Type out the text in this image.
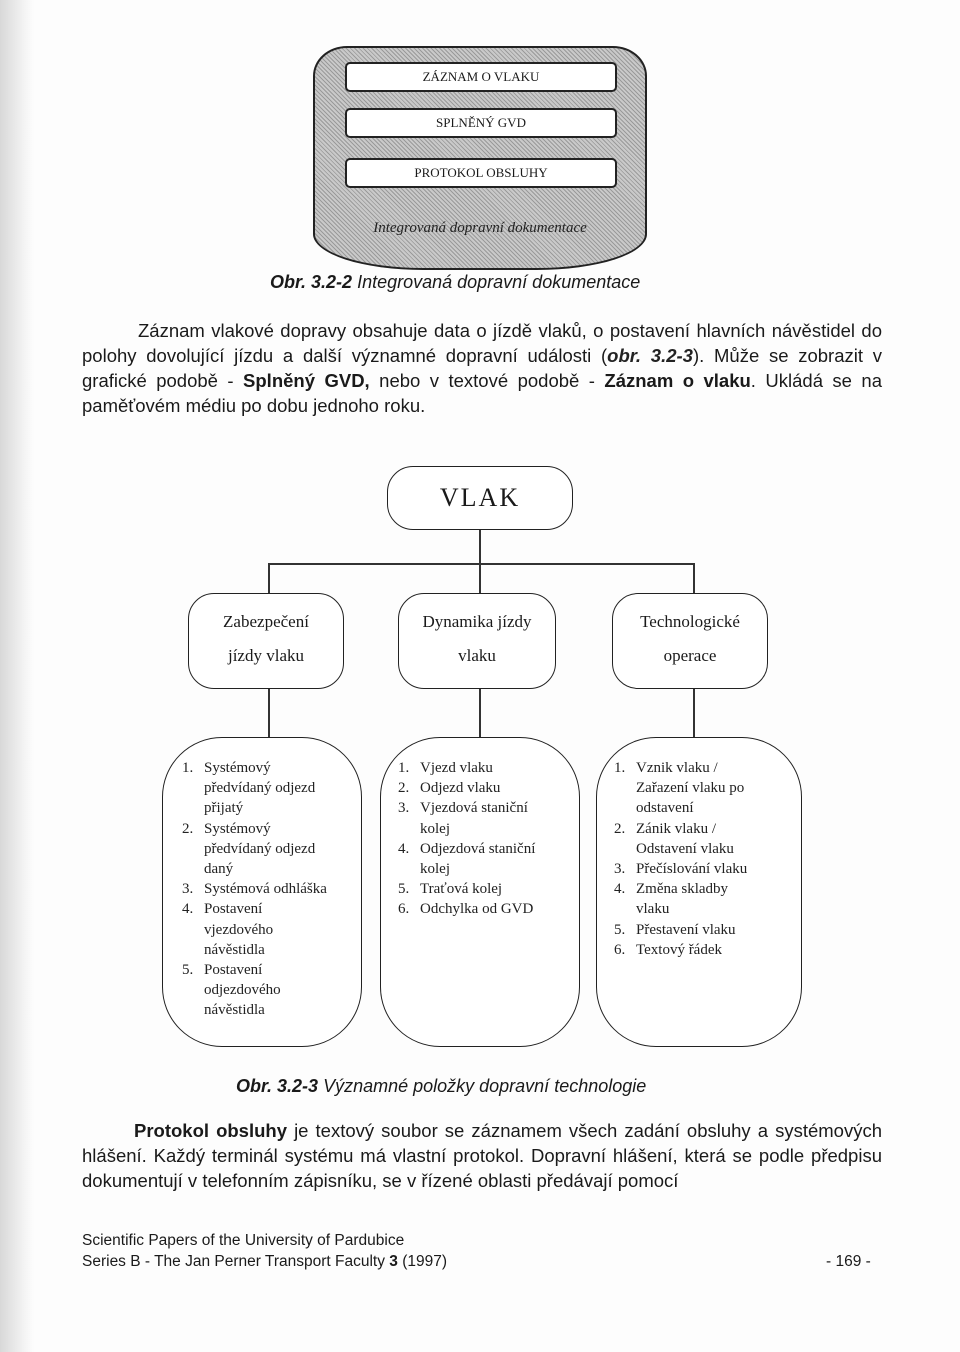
ZÁZNAM O VLAKU
SPLNĚNÝ GVD
PROTOKOL OBSLUHY
Integrovaná dopravní dokumentace
Obr. 3.2-2 Integrovaná dopravní dokumentace
Záznam vlakové dopravy obsahuje data o jízdě vlaků, o postavení hlavních návěstidel do polohy dovolující jízdu a další významné dopravní události (obr. 3.2-3). Může se zobrazit v grafické podobě - Splněný GVD, nebo v textové podobě - Záznam o vlaku. Ukládá se na paměťovém médiu po dobu jednoho roku.
VLAK
Zabezpečení
jízdy vlaku
Dynamika jízdy
vlaku
Technologické
operace
1. Systémový
předvídaný odjezd
přijatý
2. Systémový
předvídaný odjezd
daný
3. Systémová odhláška
4. Postavení
vjezdového
návěstidla
5. Postavení
odjezdového
návěstidla
1. Vjezd vlaku
2. Odjezd vlaku
3. Vjezdová staniční
kolej
4. Odjezdová staniční
kolej
5. Traťová kolej
6. Odchylka od GVD
1. Vznik vlaku /
Zařazení vlaku po
odstavení
2. Zánik vlaku /
Odstavení vlaku
3. Přečíslování vlaku
4. Změna skladby
vlaku
5. Přestavení vlaku
6. Textový řádek
Obr. 3.2-3 Významné položky dopravní technologie
Protokol obsluhy je textový soubor se záznamem všech zadání obsluhy a systémových hlášení. Každý terminál systému má vlastní protokol. Dopravní hlášení, která se podle předpisu dokumentují v telefonním zápisníku, se v řízené oblasti předávají pomocí
Scientific Papers of the University of Pardubice
Series B - The Jan Perner Transport Faculty 3 (1997)	- 169 -
